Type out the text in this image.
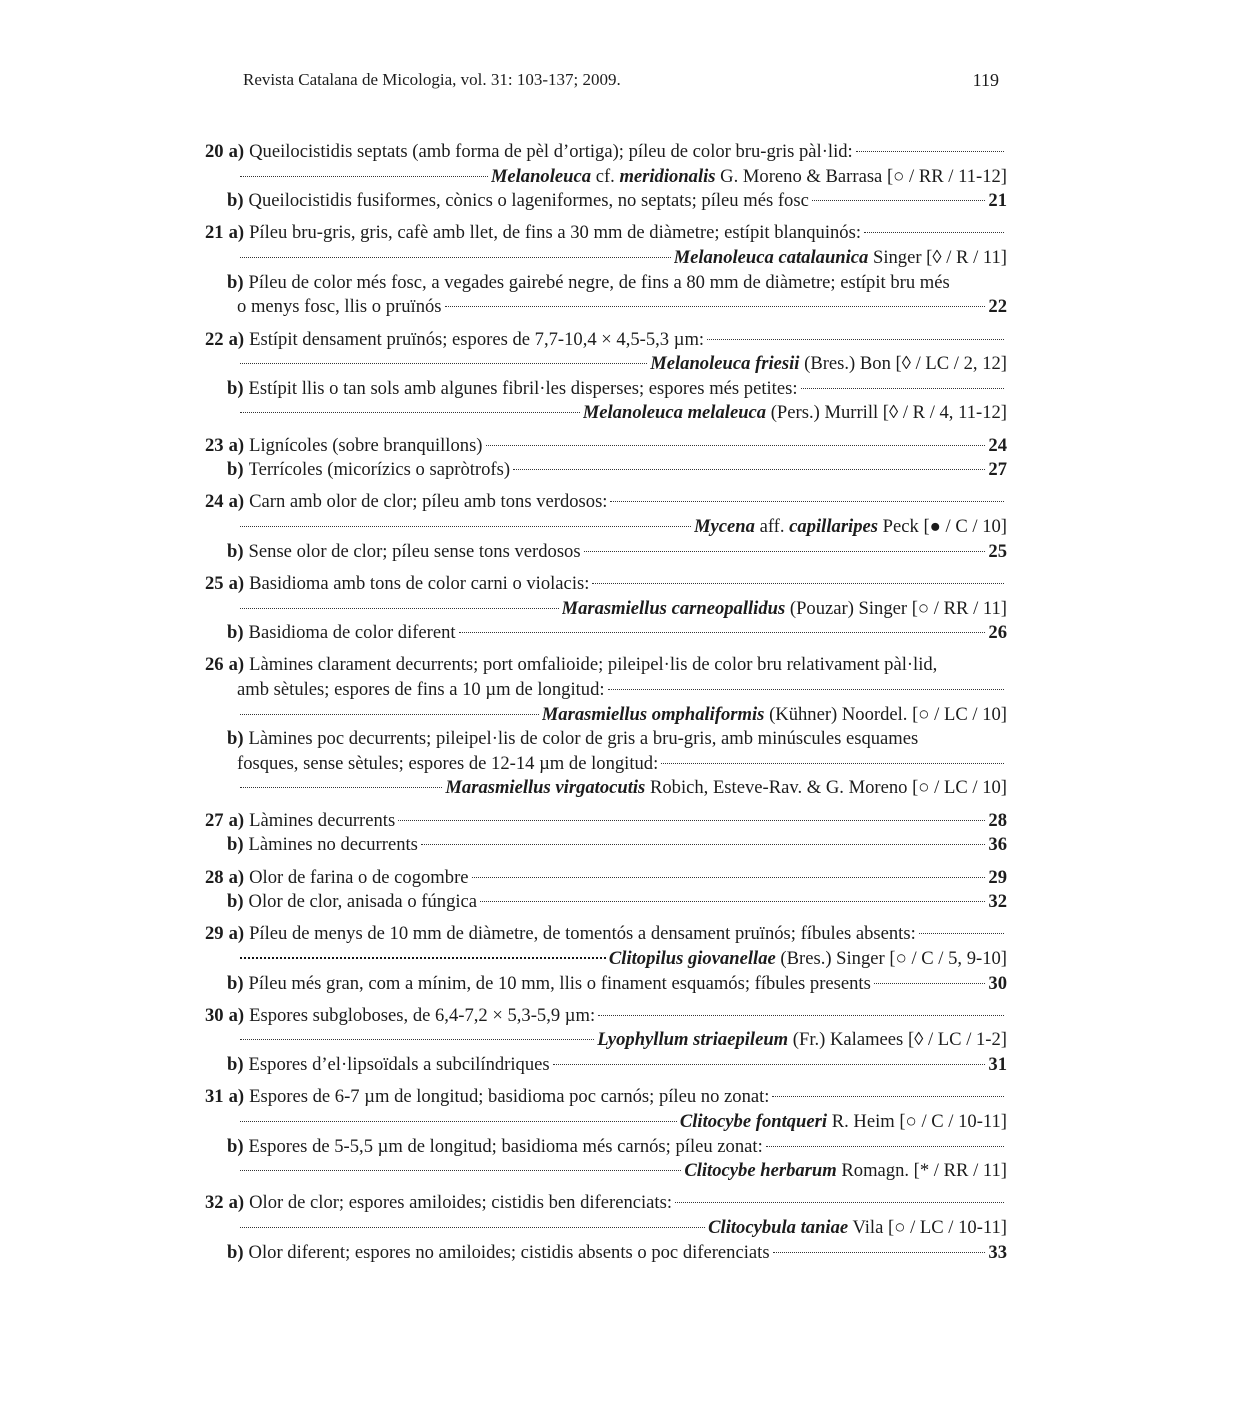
Revista Catalana de Micologia, vol. 31: 103-137; 2009.	119
20 a) Queilocistidis septats (amb forma de pèl d’ortiga); píleu de color bru-gris pàl·lid:
Melanoleuca cf. meridionalis G. Moreno & Barrasa [○ / RR / 11-12]
b) Queilocistidis fusiformes, cònics o lageniformes, no septats; píleu més fosc	21
21 a) Píleu bru-gris, gris, cafè amb llet, de fins a 30 mm de diàmetre; estípit blanquinós:
Melanoleuca catalaunica Singer [◊ / R / 11]
b) Píleu de color més fosc, a vegades gairebé negre, de fins a 80 mm de diàmetre; estípit bru més
o menys fosc, llis o pruïnós	22
22 a) Estípit densament pruïnós; espores de 7,7-10,4 × 4,5-5,3 µm:
Melanoleuca friesii (Bres.) Bon [◊ / LC / 2, 12]
b) Estípit llis o tan sols amb algunes fibril·les disperses; espores més petites:
Melanoleuca melaleuca (Pers.) Murrill [◊ / R / 4, 11-12]
23 a) Lignícoles (sobre branquillons)	24
b) Terrícoles (micorízics o sapròtrofs)	27
24 a) Carn amb olor de clor; píleu amb tons verdosos:
Mycena aff. capillaripes Peck [● / C / 10]
b) Sense olor de clor; píleu sense tons verdosos	25
25 a) Basidioma amb tons de color carni o violacis:
Marasmiellus carneopallidus (Pouzar) Singer [○ / RR / 11]
b) Basidioma de color diferent	26
26 a) Làmines clarament decurrents; port omfalioide; pileipel·lis de color bru relativament pàl·lid,
amb sètules; espores de fins a 10 µm de longitud:
Marasmiellus omphaliformis (Kühner) Noordel. [○ / LC / 10]
b) Làmines poc decurrents; pileipel·lis de color de gris a bru-gris, amb minúscules esquames
fosques, sense sètules; espores de 12-14 µm de longitud:
Marasmiellus virgatocutis Robich, Esteve-Rav. & G. Moreno [○ / LC / 10]
27 a) Làmines decurrents	28
b) Làmines no decurrents	36
28 a) Olor de farina o de cogombre	29
b) Olor de clor, anisada o fúngica	32
29 a) Píleu de menys de 10 mm de diàmetre, de tomentós a densament pruïnós; fíbules absents:
Clitopilus giovanellae (Bres.) Singer [○ / C / 5, 9-10]
b) Píleu més gran, com a mínim, de 10 mm, llis o finament esquamós; fíbules presents	30
30 a) Espores subgloboses, de 6,4-7,2 × 5,3-5,9 µm:
Lyophyllum striaepileum (Fr.) Kalamees [◊ / LC / 1-2]
b) Espores d’el·lipsoïdals a subcilíndriques	31
31 a) Espores de 6-7 µm de longitud; basidioma poc carnós; píleu no zonat:
Clitocybe fontqueri R. Heim [○ / C / 10-11]
b) Espores de 5-5,5 µm de longitud; basidioma més carnós; píleu zonat:
Clitocybe herbarum Romagn. [* / RR / 11]
32 a) Olor de clor; espores amiloides; cistidis ben diferenciats:
Clitocybula taniae Vila [○ / LC / 10-11]
b) Olor diferent; espores no amiloides; cistidis absents o poc diferenciats	33
